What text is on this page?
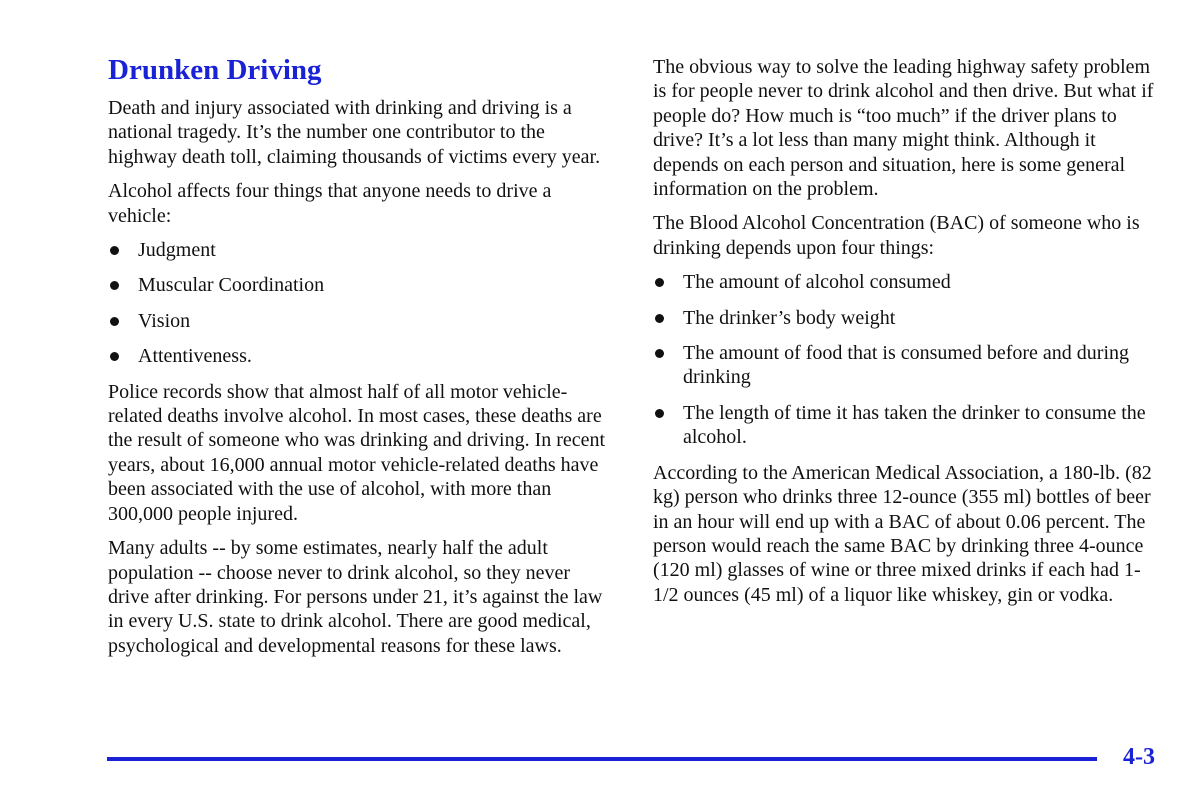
Drunken Driving

Death and injury associated with drinking and driving is a national tragedy. It’s the number one contributor to the highway death toll, claiming thousands of victims every year.

Alcohol affects four things that anyone needs to drive a vehicle:

Judgment
Muscular Coordination
Vision
Attentiveness.

Police records show that almost half of all motor vehicle-related deaths involve alcohol. In most cases, these deaths are the result of someone who was drinking and driving. In recent years, about 16,000 annual motor vehicle-related deaths have been associated with the use of alcohol, with more than 300,000 people injured.

Many adults -- by some estimates, nearly half the adult population -- choose never to drink alcohol, so they never drive after drinking. For persons under 21, it’s against the law in every U.S. state to drink alcohol. There are good medical, psychological and developmental reasons for these laws.

The obvious way to solve the leading highway safety problem is for people never to drink alcohol and then drive. But what if people do? How much is “too much” if the driver plans to drive? It’s a lot less than many might think. Although it depends on each person and situation, here is some general information on the problem.

The Blood Alcohol Concentration (BAC) of someone who is drinking depends upon four things:

The amount of alcohol consumed
The drinker’s body weight
The amount of food that is consumed before and during drinking
The length of time it has taken the drinker to consume the alcohol.

According to the American Medical Association, a 180-lb. (82 kg) person who drinks three 12-ounce (355 ml) bottles of beer in an hour will end up with a BAC of about 0.06 percent. The person would reach the same BAC by drinking three 4-ounce (120 ml) glasses of wine or three mixed drinks if each had 1-1/2 ounces (45 ml) of a liquor like whiskey, gin or vodka.

4-3
